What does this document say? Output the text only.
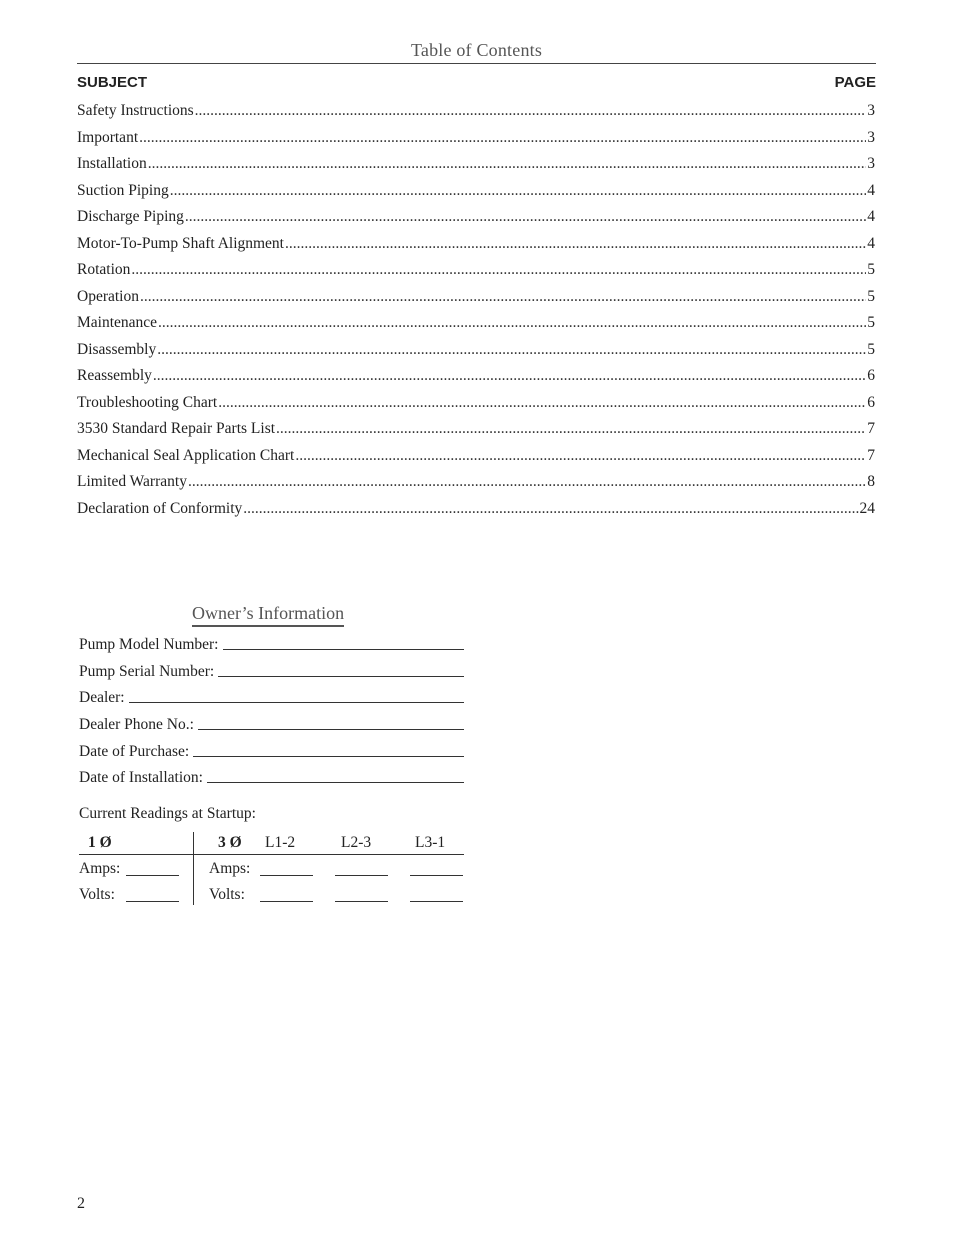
Table of Contents
SUBJECT	PAGE
Safety Instructions .....	3
Important .....	3
Installation .....	3
Suction Piping .....	4
Discharge Piping .....	4
Motor-To-Pump Shaft Alignment .....	4
Rotation .....	5
Operation .....	5
Maintenance .....	5
Disassembly .....	5
Reassembly .....	6
Troubleshooting Chart .....	6
3530 Standard Repair Parts List .....	7
Mechanical Seal Application Chart .....	7
Limited Warranty .....	8
Declaration of Conformity .....	24
Owner’s Information
Pump Model Number:
Pump Serial Number:
Dealer:
Dealer Phone No.:
Date of Purchase:
Date of Installation:
Current Readings at Startup:
1 Ø	3 Ø L1-2	L2-3	L3-1
Amps:	Amps:
Volts:	Volts:
2
